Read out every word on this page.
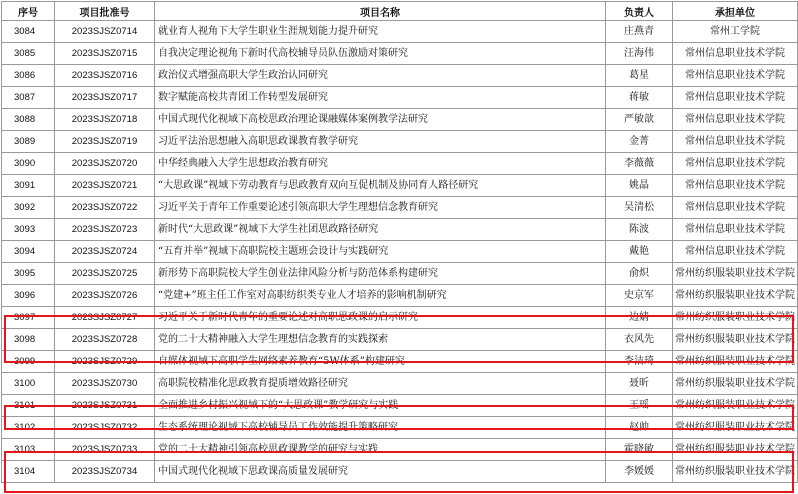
序号	项目批准号	项目名称	负责人	承担单位
3084	2023SJSZ0714	就业育人视角下大学生职业生涯规划能力提升研究	庄燕青	常州工学院
3085	2023SJSZ0715	自我决定理论视角下新时代高校辅导员队伍激励对策研究	汪海伟	常州信息职业技术学院
3086	2023SJSZ0716	政治仪式增强高职大学生政治认同研究	葛星	常州信息职业技术学院
3087	2023SJSZ0717	数字赋能高校共青团工作转型发展研究	蒋敏	常州信息职业技术学院
3088	2023SJSZ0718	中国式现代化视域下高校思政治理论课融媒体案例教学法研究	严敏歆	常州信息职业技术学院
3089	2023SJSZ0719	习近平法治思想融入高职思政课教育教学研究	金菁	常州信息职业技术学院
3090	2023SJSZ0720	中华经典融入大学生思想政治教育研究	李薇薇	常州信息职业技术学院
3091	2023SJSZ0721	“大思政课”视域下劳动教育与思政教育双向互促机制及协同育人路径研究	姚晶	常州信息职业技术学院
3092	2023SJSZ0722	习近平关于青年工作重要论述引领高职大学生理想信念教育研究	吴清松	常州信息职业技术学院
3093	2023SJSZ0723	新时代“大思政课”视域下大学生社团思政路径研究	陈波	常州信息职业技术学院
3094	2023SJSZ0724	“五育并举”视域下高职院校主题班会设计与实践研究	戴艳	常州信息职业技术学院
3095	2023SJSZ0725	新形势下高职院校大学生创业法律风险分析与防范体系构建研究	俞炽	常州纺织服装职业技术学院
3096	2023SJSZ0726	“党建+”班主任工作室对高职纺织类专业人才培养的影响机制研究	史京军	常州纺织服装职业技术学院
3097	2023SJSZ0727	习近平关于新时代青年的重要论述对高职思政课的启示研究	边婧	常州纺织服装职业技术学院
3098	2023SJSZ0728	党的二十大精神融入大学生理想信念教育的实践探索	衣风先	常州纺织服装职业技术学院
3099	2023SJSZ0729	自媒体视域下高职学生网络素养教育“5W体系”构建研究	李洁琦	常州纺织服装职业技术学院
3100	2023SJSZ0730	高职院校精准化思政教育提质增效路径研究	聂昕	常州纺织服装职业技术学院
3101	2023SJSZ0731	全面推进乡村振兴视域下的“大思政课”教学研究与实践	王瑶	常州纺织服装职业技术学院
3102	2023SJSZ0732	生态系统理论视域下高校辅导员工作效能提升策略研究	赵帅	常州纺织服装职业技术学院
3103	2023SJSZ0733	党的二十大精神引领高校思政课教学的研究与实践	霍晓敏	常州纺织服装职业技术学院
3104	2023SJSZ0734	中国式现代化视域下思政课高质量发展研究	李媛媛	常州纺织服装职业技术学院
